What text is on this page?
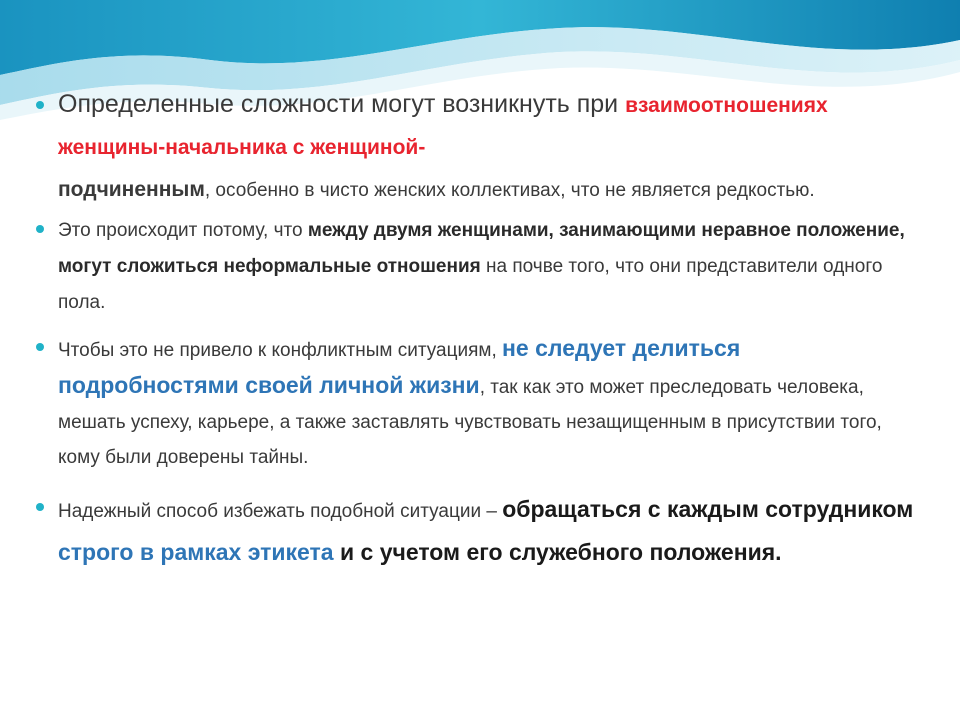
Определенные сложности могут возникнуть при взаимоотношениях женщины-начальника с женщиной-
подчиненным, особенно в чисто женских коллективах, что не является редкостью.
Это происходит потому, что между двумя женщинами, занимающими неравное положение, могут сложиться неформальные отношения на почве того, что они представители одного пола.
Чтобы это не привело к конфликтным ситуациям, не следует делиться подробностями своей личной жизни, так как это может преследовать человека, мешать успеху, карьере, а также заставлять чувствовать незащищенным в присутствии того, кому были доверены тайны.
Надежный способ избежать подобной ситуации – обращаться с каждым сотрудником строго в рамках этикета и с учетом его служебного положения.
